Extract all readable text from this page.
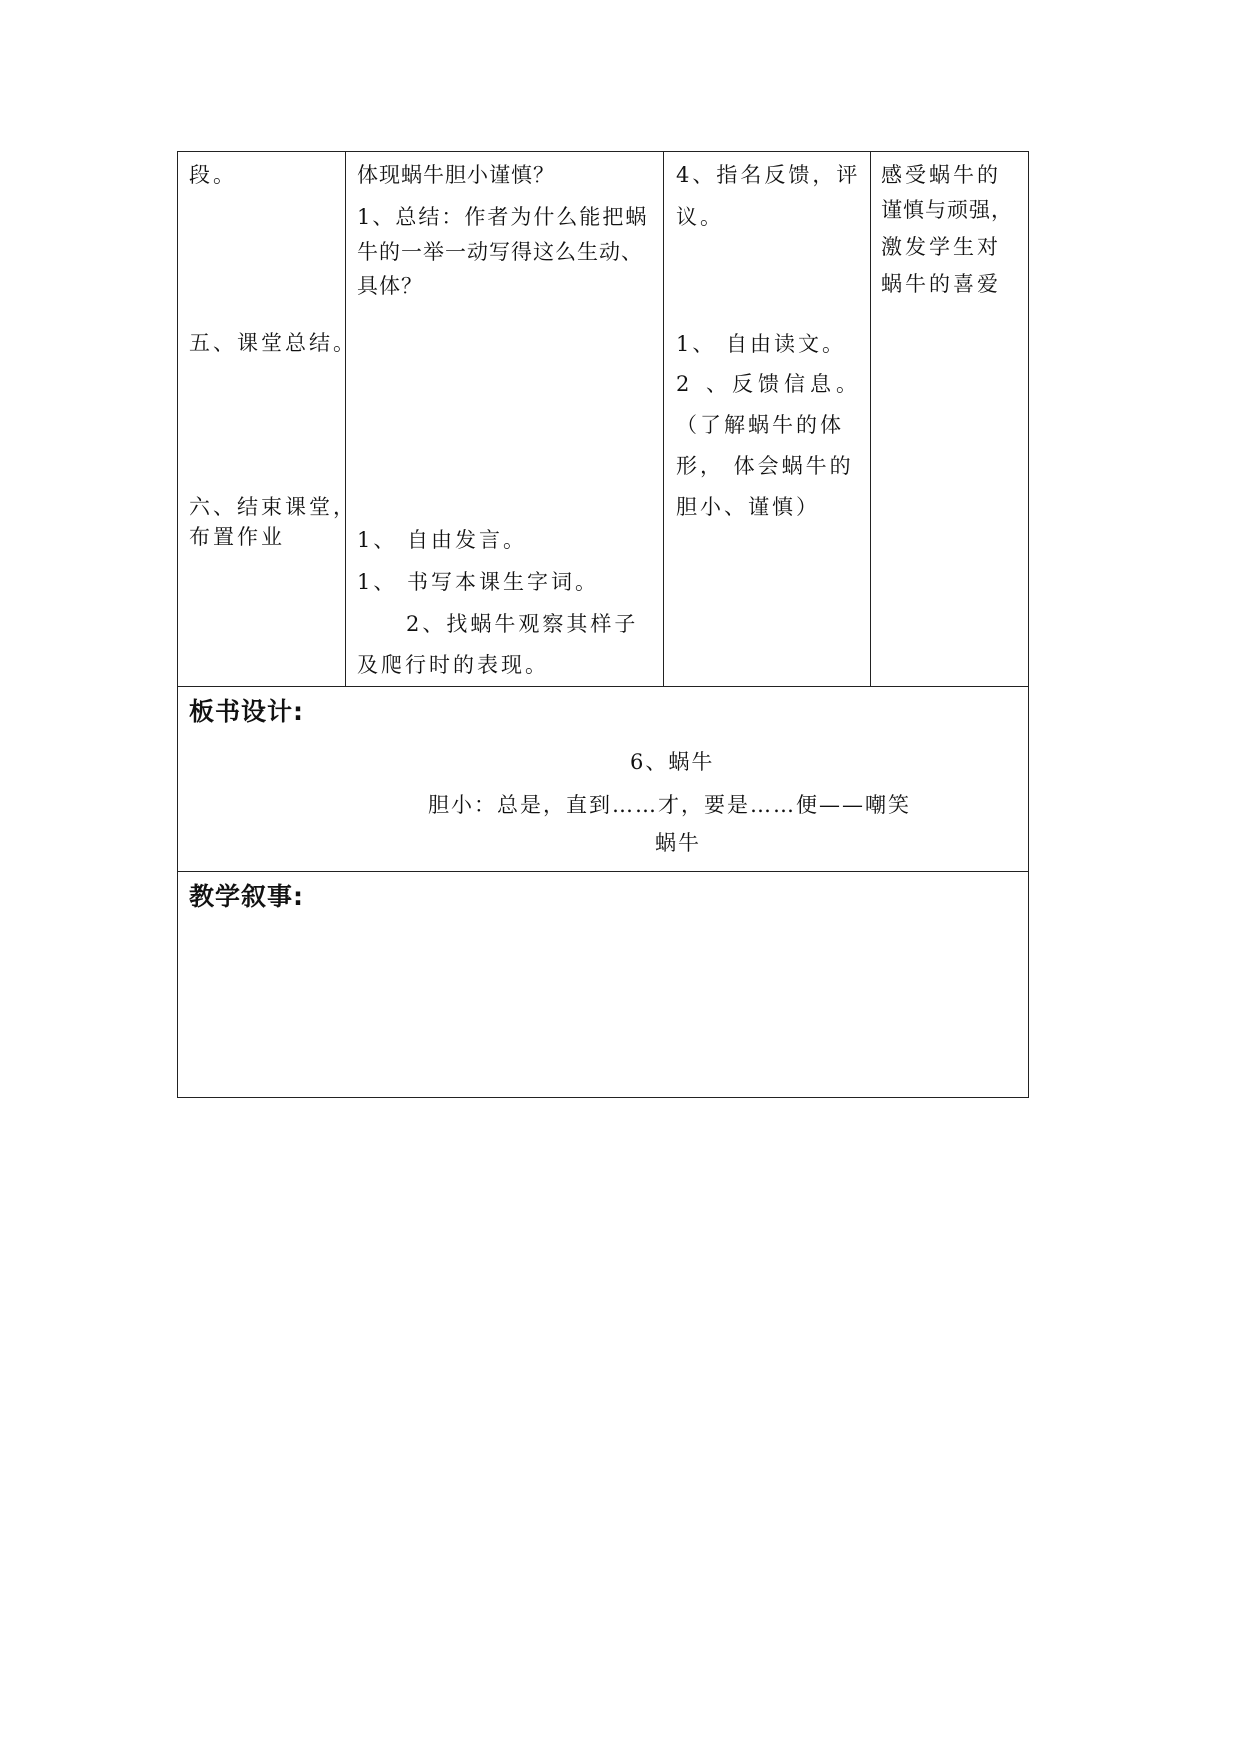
段。
五、课堂总结。
六、结束课堂，
布置作业

体现蜗牛胆小谨慎？
1、总结：作者为什么能把蜗
牛的一举一动写得这么生动、
具体？
1、 自由发言。
1、 书写本课生字词。
2、找蜗牛观察其样子
及爬行时的表现。

4、指名反馈，评
议。
1、 自由读文。
2 、反馈信息。
（了解蜗牛的体
形， 体会蜗牛的
胆小、谨慎）

感受蜗牛的
谨慎与顽强，
激发学生对
蜗牛的喜爱

板书设计:
6、蜗牛
胆小：总是，直到……才，要是……便——嘲笑
蜗牛

教学叙事:
